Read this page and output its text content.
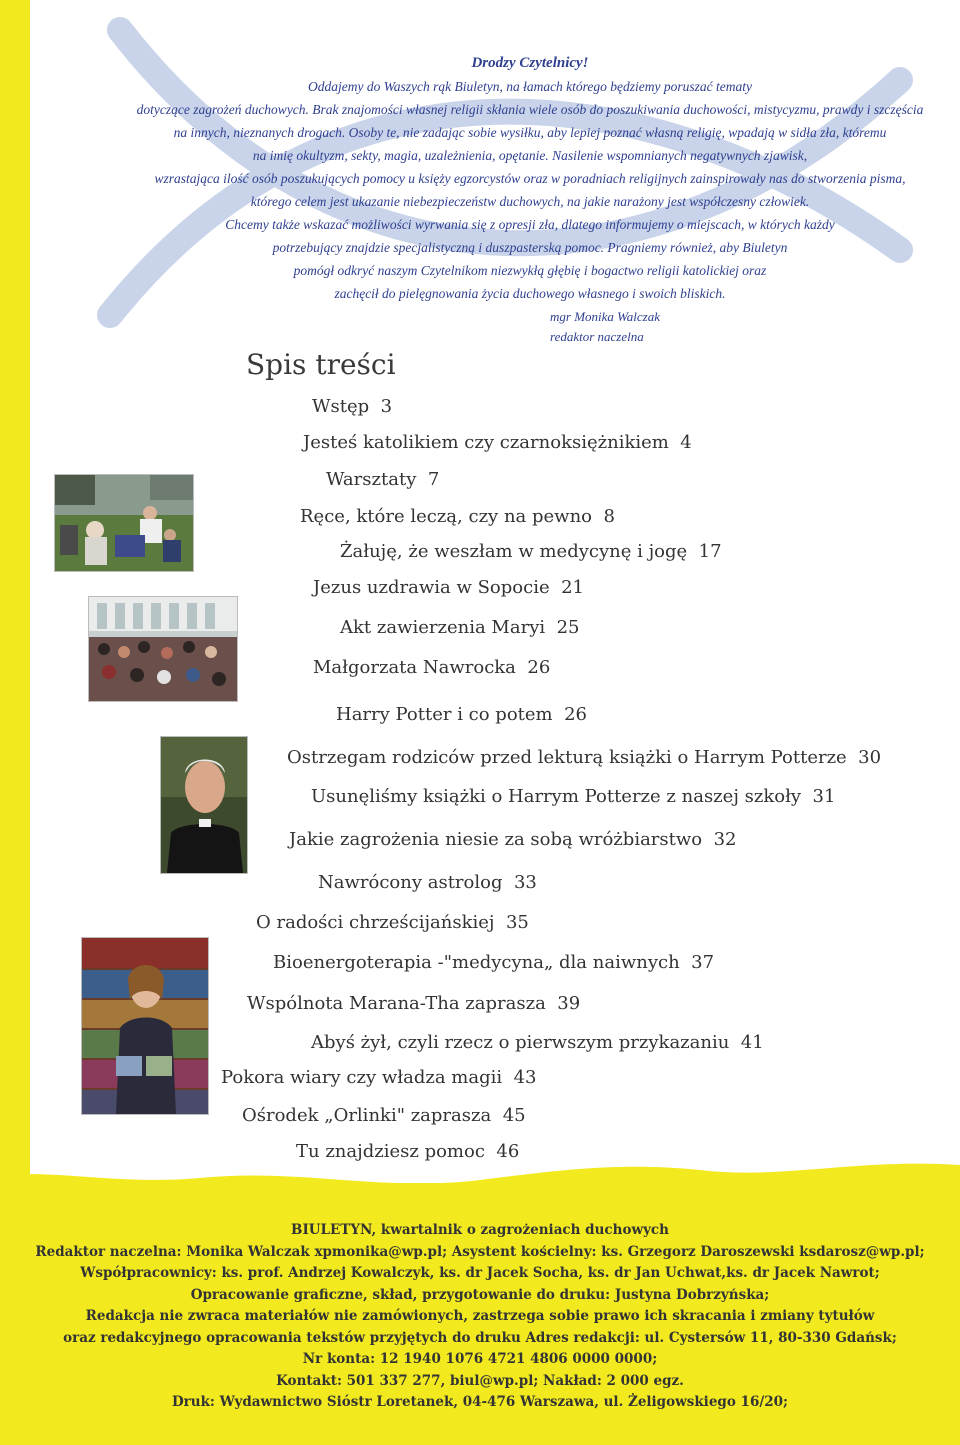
Drodzy Czytelnicy!
Oddajemy do Waszych rąk Biuletyn, na łamach którego będziemy poruszać tematy
dotyczące zagrożeń duchowych. Brak znajomości własnej religii skłania wiele osób do poszukiwania duchowości, mistycyzmu, prawdy i szczęścia
na innych, nieznanych drogach. Osoby te, nie zadając sobie wysiłku, aby lepiej poznać własną religię, wpadają w sidła zła, któremu
na imię okultyzm, sekty, magia, uzależnienia, opętanie. Nasilenie wspomnianych negatywnych zjawisk,
wzrastająca ilość osób poszukujących pomocy u księży egzorcystów oraz w poradniach religijnych zainspirowały nas do stworzenia pisma,
którego celem jest ukazanie niebezpieczeństw duchowych, na jakie narażony jest współczesny człowiek.
Chcemy także wskazać możliwości wyrwania się z opresji zła, dlatego informujemy o miejscach, w których każdy
potrzebujący znajdzie specjalistyczną i duszpasterską pomoc. Pragniemy również, aby Biuletyn
pomógł odkryć naszym Czytelnikom niezwykłą głębię i bogactwo religii katolickiej oraz
zachęcił do pielęgnowania życia duchowego własnego i swoich bliskich.
mgr Monika Walczak
redaktor naczelna
Spis treści
Wstęp 3
Jesteś katolikiem czy czarnoksiężnikiem 4
Warsztaty 7
Ręce, które leczą, czy na pewno 8
Żałuję, że weszłam w medycynę i jogę 17
Jezus uzdrawia w Sopocie 21
Akt zawierzenia Maryi 25
Małgorzata Nawrocka 26
Harry Potter i co potem 26
Ostrzegam rodziców przed lekturą książki o Harrym Potterze 30
Usunęliśmy książki o Harrym Potterze z naszej szkoły 31
Jakie zagrożenia niesie za sobą wróżbiarstwo 32
Nawrócony astrolog 33
O radości chrześcijańskiej 35
Bioenergoterapia -"medycyna„ dla naiwnych 37
Wspólnota Marana-Tha zaprasza 39
Abyś żył, czyli rzecz o pierwszym przykazaniu 41
Pokora wiary czy władza magii 43
Ośrodek „Orlinki" zaprasza 45
Tu znajdziesz pomoc 46
BIULETYN, kwartalnik o zagrożeniach duchowych
Redaktor naczelna: Monika Walczak xpmonika@wp.pl; Asystent kościelny: ks. Grzegorz Daroszewski ksdarosz@wp.pl;
Współpracownicy: ks. prof. Andrzej Kowalczyk, ks. dr Jacek Socha, ks. dr Jan Uchwat,ks. dr Jacek Nawrot;
Opracowanie graficzne, skład, przygotowanie do druku: Justyna Dobrzyńska;
Redakcja nie zwraca materiałów nie zamówionych, zastrzega sobie prawo ich skracania i zmiany tytułów
oraz redakcyjnego opracowania tekstów przyjętych do druku Adres redakcji: ul. Cystersów 11, 80-330 Gdańsk;
Nr konta: 12 1940 1076 4721 4806 0000 0000;
Kontakt: 501 337 277, biul@wp.pl; Nakład: 2 000 egz.
Druk: Wydawnictwo Sióstr Loretanek, 04-476 Warszawa, ul. Żeligowskiego 16/20;
